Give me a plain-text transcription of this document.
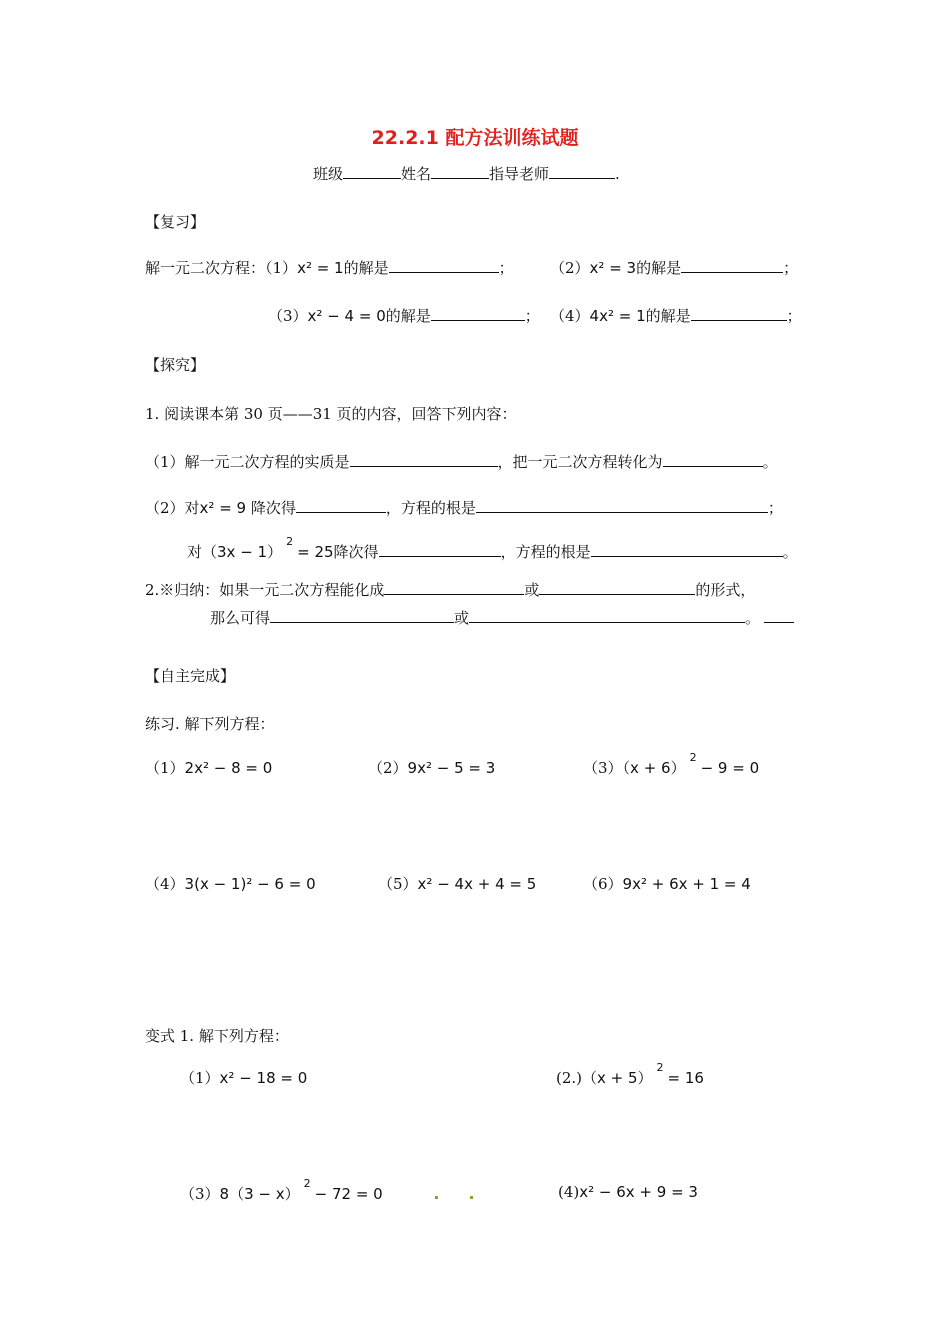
22.2.1 配方法训练试题
班级	姓名	指导老师	.
【复习】
解一元二次方程：（1）x² = 1的解是	； （2）x² = 3的解是	；
（3）x² − 4 = 0的解是	； （4）4x² = 1的解是	；
【探究】
1. 阅读课本第 30 页——31 页的内容，回答下列内容：
（1）解一元二次方程的实质是	，把一元二次方程转化为	。
（2）对x² = 9 降次得	，方程的根是	；
对$(3x - 1)^2= 25$降次得	，方程的根是	。
2.※归纳：如果一元二次方程能化成	或	的形式，
那么可得	或	。
【自主完成】
练习. 解下列方程：
（1）2x² − 8 = 0	（2）9x² − 5 = 3	$(3)(x + 6)^2- 9 = 0$
（4）3(x − 1)² − 6 = 0	（5）x² − 4x + 4 = 5	（6）9x² + 6x + 1 = 4
变式 1. 解下列方程：
（1）x² − 18 = 0	$(2.)(x + 5)^2= 16$
$(3)8(3 - x)^2- 72 = 0$	(4)x² − 6x + 9 = 3
